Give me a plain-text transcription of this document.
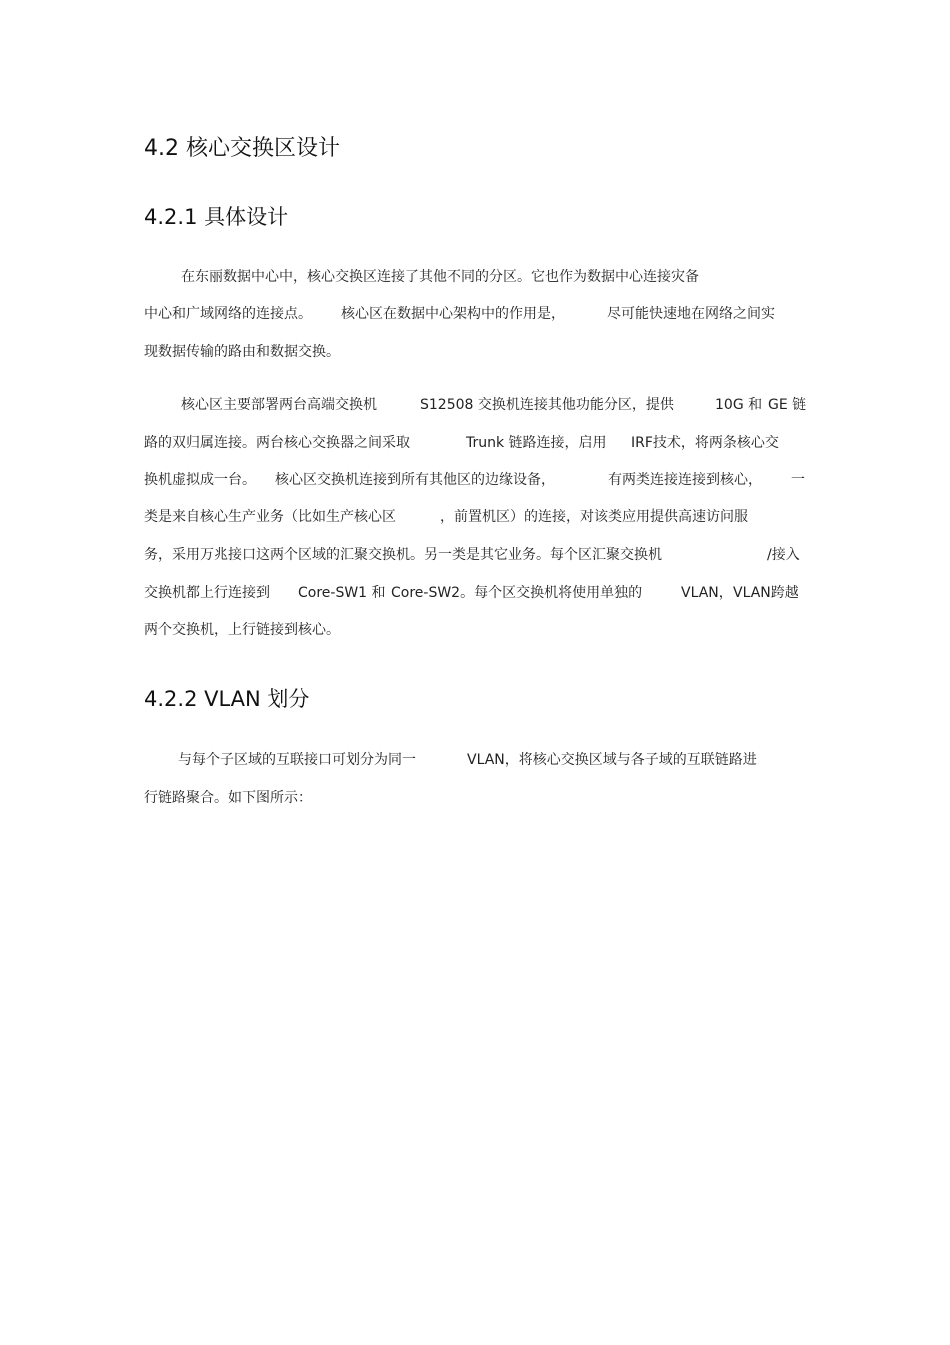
4.2 核心交换区设计
4.2.1 具体设计
在东丽数据中心中，核心交换区连接了其他不同的分区。它也作为数据中心连接灾备
中心和广域网络的连接点。 核心区在数据中心架构中的作用是，	尽可能快速地在网络之间实
现数据传输的路由和数据交换。
核心区主要部署两台高端交换机	S12508 交换机连接其他功能分区，提供	10G 和 GE 链
路的双归属连接。两台核心交换器之间采取	Trunk 链路连接，启用 IRF技术，将两条核心交
换机虚拟成一台。 核心区交换机连接到所有其他区的边缘设备，	有两类连接连接到核心， 一
类是来自核心生产业务（比如生产核心区	，前置机区）的连接，对该类应用提供高速访问服
务，采用万兆接口这两个区域的汇聚交换机。另一类是其它业务。每个区汇聚交换机	/接入
交换机都上行连接到 Core-SW1 和 Core-SW2。每个区交换机将使用单独的	VLAN， VLAN跨越
两个交换机，上行链接到核心。
4.2.2 VLAN 划分
与每个子区域的互联接口可划分为同一	VLAN，将核心交换区域与各子域的互联链路进
行链路聚合。如下图所示：
